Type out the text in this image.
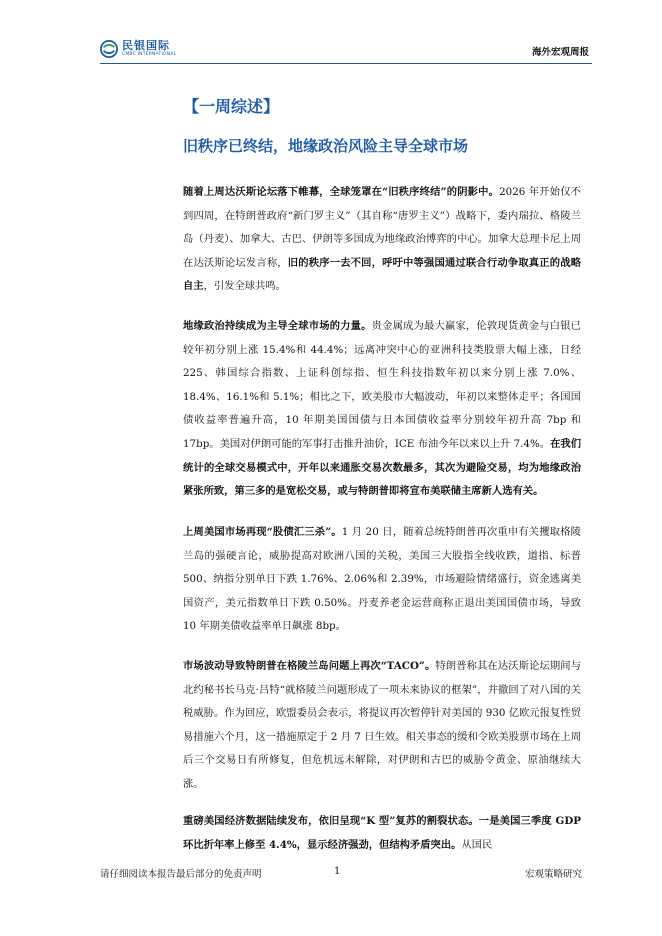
民银国际
CMBC INTERNATIONAL	海外宏观周报
【一周综述】
旧秩序已终结，地缘政治风险主导全球市场
随着上周达沃斯论坛落下帷幕，全球笼罩在“旧秩序终结”的阴影中。2026 年开始仅不到四周，在特朗普政府“新门罗主义”（其自称“唐罗主义”）战略下，委内瑞拉、格陵兰岛（丹麦）、加拿大、古巴、伊朗等多国成为地缘政治博弈的中心。加拿大总理卡尼上周在达沃斯论坛发言称，旧的秩序一去不回，呼吁中等强国通过联合行动争取真正的战略自主，引发全球共鸣。
地缘政治持续成为主导全球市场的力量。贵金属成为最大赢家，伦敦现货黄金与白银已较年初分别上涨 15.4%和 44.4%；远离冲突中心的亚洲科技类股票大幅上涨，日经 225、韩国综合指数、上证科创综指、恒生科技指数年初以来分别上涨 7.0%、18.4%、16.1%和 5.1%；相比之下，欧美股市大幅波动，年初以来整体走平；各国国债收益率普遍升高，10 年期美国国债与日本国债收益率分别较年初升高 7bp 和 17bp。美国对伊朗可能的军事打击推升油价，ICE 布油今年以来以上升 7.4%。在我们统计的全球交易模式中，开年以来通胀交易次数最多，其次为避险交易，均为地缘政治紧张所致，第三多的是宽松交易，或与特朗普即将宣布美联储主席新人选有关。
上周美国市场再现“股债汇三杀”。1 月 20 日，随着总统特朗普再次重申有关攫取格陵兰岛的强硬言论，威胁提高对欧洲八国的关税，美国三大股指全线收跌，道指、标普 500、纳指分别单日下跌 1.76%、2.06%和 2.39%，市场避险情绪盛行，资金逃离美国资产，美元指数单日下跌 0.50%。丹麦养老金运营商称正退出美国国债市场，导致 10 年期美债收益率单日飙涨 8bp。
市场波动导致特朗普在格陵兰岛问题上再次“TACO”。特朗普称其在达沃斯论坛期间与北约秘书长马克·吕特“就格陵兰问题形成了一项未来协议的框架”，并撤回了对八国的关税威胁。作为回应，欧盟委员会表示，将提议再次暂停针对美国的 930 亿欧元报复性贸易措施六个月，这一措施原定于 2 月 7 日生效。相关事态的缓和令欧美股票市场在上周后三个交易日有所修复，但危机远未解除，对伊朗和古巴的威胁令黄金、原油继续大涨。
重磅美国经济数据陆续发布，依旧呈现“K 型”复苏的割裂状态。一是美国三季度 GDP 环比折年率上修至 4.4%，显示经济强劲，但结构矛盾突出。从国民
请仔细阅读本报告最后部分的免责声明	1	宏观策略研究
